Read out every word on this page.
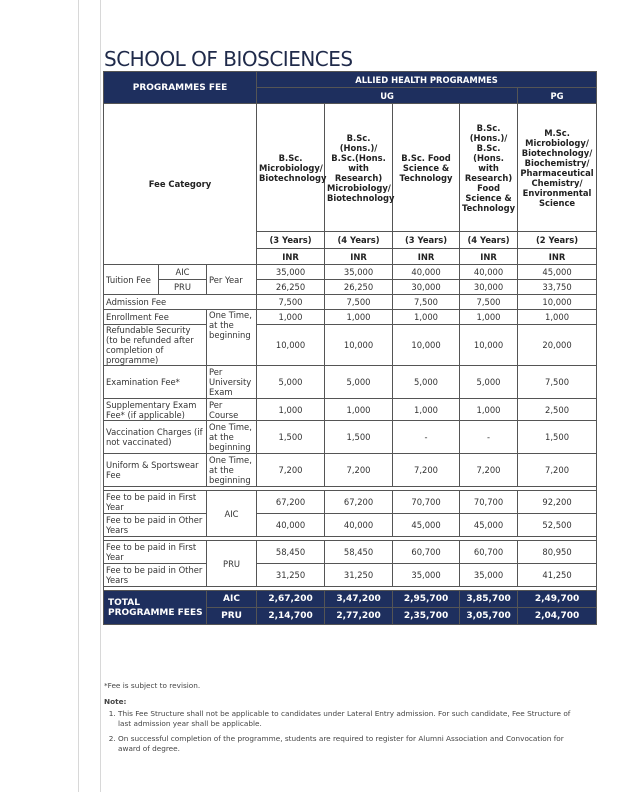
SCHOOL OF BIOSCIENCES
PROGRAMMES FEE			ALLIED HEALTH PROGRAMMES				
			UG				PG
Fee Category			B.Sc. Microbiology/ Biotechnology	B.Sc. (Hons.)/ B.Sc.(Hons. with Research) Microbiology/ Biotechnology	B.Sc. Food Science & Technology	B.Sc. (Hons.)/ B.Sc. (Hons. with Research) Food Science & Technology	M.Sc. Microbiology/ Biotechnology/ Biochemistry/ Pharmaceutical Chemistry/ Environmental Science
			(3 Years)	(4 Years)	(3 Years)	(4 Years)	(2 Years)
			INR	INR	INR	INR	INR
Tuition Fee	AIC	Per Year	35,000	35,000	40,000	40,000	45,000
	PRU		26,250	26,250	30,000	30,000	33,750
Admission Fee			7,500	7,500	7,500	7,500	10,000
Enrollment Fee		One Time, at the beginning	1,000	1,000	1,000	1,000	1,000
Refundable Security (to be refunded after completion of programme)			10,000	10,000	10,000	10,000	20,000
Examination Fee*		Per University Exam	5,000	5,000	5,000	5,000	7,500
Supplementary Exam Fee* (if applicable)		Per Course	1,000	1,000	1,000	1,000	2,500
Vaccination Charges (if not vaccinated)		One Time, at the beginning	1,500	1,500	-	-	1,500
Uniform & Sportswear Fee		One Time, at the beginning	7,200	7,200	7,200	7,200	7,200

Fee to be paid in First Year		AIC	67,200	67,200	70,700	70,700	92,200
Fee to be paid in Other Years			40,000	40,000	45,000	45,000	52,500

Fee to be paid in First Year		PRU	58,450	58,450	60,700	60,700	80,950
Fee to be paid in Other Years			31,250	31,250	35,000	35,000	41,250

TOTAL PROGRAMME FEES		AIC	2,67,200	3,47,200	2,95,700	3,85,700	2,49,700
		PRU	2,14,700	2,77,200	2,35,700	3,05,700	2,04,700

*Fee is subject to revision.

Note:

1. This Fee Structure shall not be applicable to candidates under Lateral Entry admission. For such candidate, Fee Structure of last admission year shall be applicable.
2. On successful completion of the programme, students are required to register for Alumni Association and Convocation for award of degree.
